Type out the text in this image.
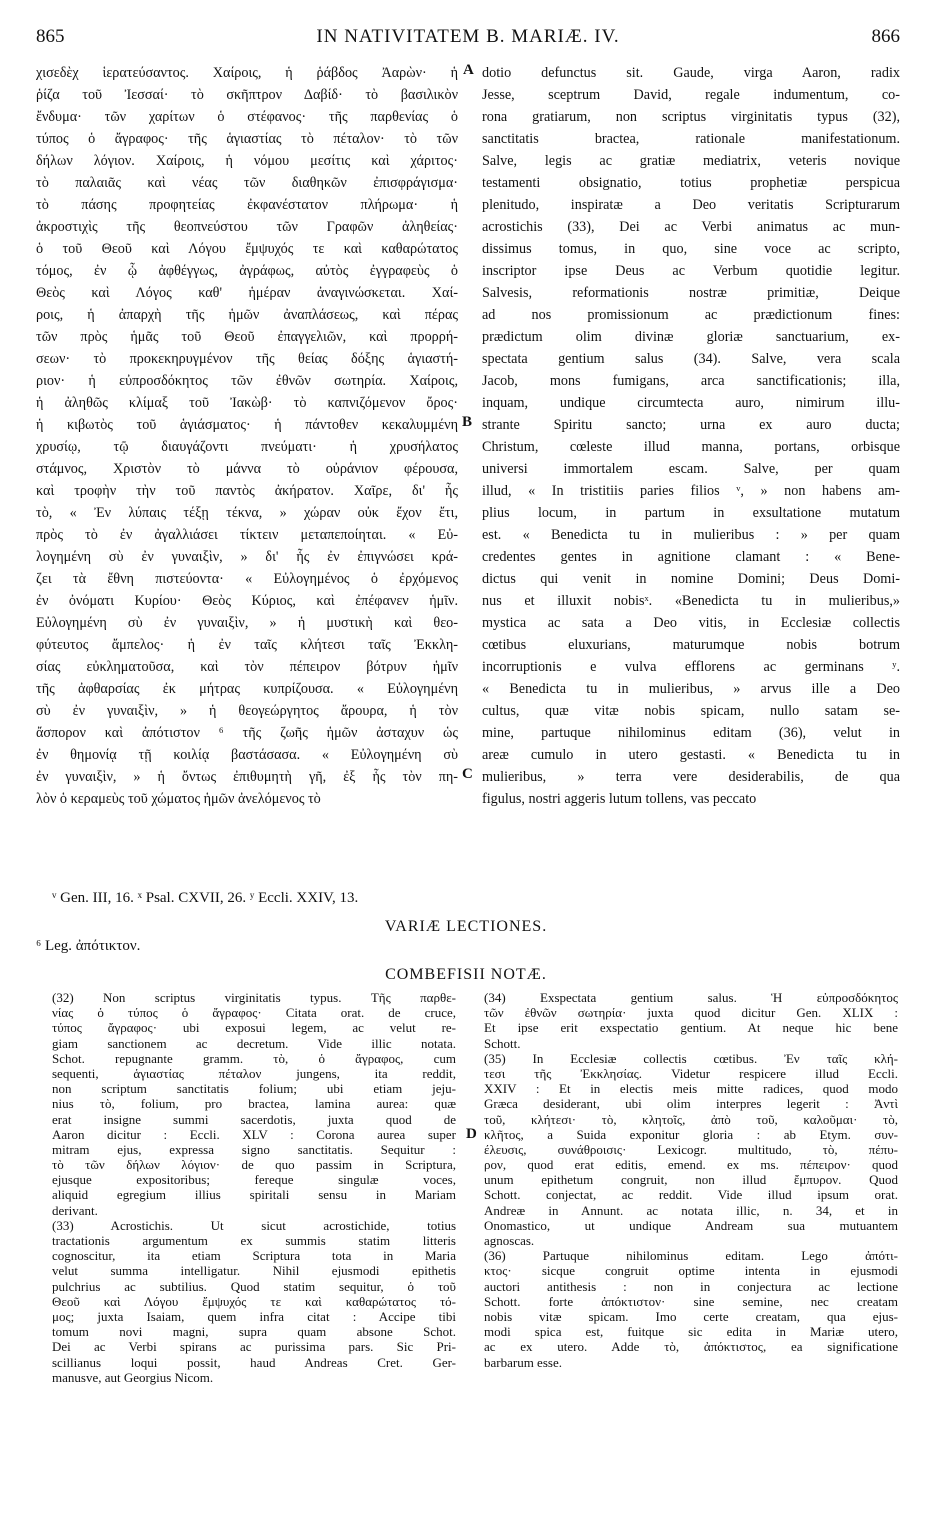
865	IN NATIVITATEM B. MARIÆ. IV.	866
χισεδὲχ ἱερατεύσαντος. Χαίροις, ἡ ῥάβδος Ἀαρὼν· ἡ
ῥίζα τοῦ Ἰεσσαί· τὸ σκῆπτρον Δαβίδ· τὸ βασιλικὸν
ἔνδυμα· τῶν χαρίτων ὁ στέφανος· τῆς παρθενίας ὁ
τύπος ὁ ἄγραφος· τῆς ἁγιαστίας τὸ πέταλον· τὸ τῶν
δήλων λόγιον. Χαίροις, ἡ νόμου μεσίτις καὶ χάριτος·
τὸ παλαιᾶς καὶ νέας τῶν διαθηκῶν ἐπισφράγισμα·
τὸ πάσης προφητείας ἐκφανέστατον πλήρωμα· ἡ
ἀκροστιχὶς τῆς θεοπνεύστου τῶν Γραφῶν ἀληθείας·
ὁ τοῦ Θεοῦ καὶ Λόγου ἔμψυχός τε καὶ καθαρώτατος
τόμος, ἐν ᾧ ἀφθέγγως, ἀγράφως, αὐτὸς ἐγγραφεὺς ὁ
Θεὸς καὶ Λόγος καθ' ἡμέραν ἀναγινώσκεται. Χαί-
ροις, ἡ ἀπαρχὴ τῆς ἡμῶν ἀναπλάσεως, καὶ πέρας
τῶν πρὸς ἡμᾶς τοῦ Θεοῦ ἐπαγγελιῶν, καὶ προρρή-
σεων· τὸ προκεκηρυγμένον τῆς θείας δόξης ἁγιαστή-
ριον· ἡ εὐπροσδόκητος τῶν ἐθνῶν σωτηρία. Χαίροις,
ἡ ἀληθῶς κλίμαξ τοῦ Ἰακὼβ· τὸ καπνιζόμενον ὄρος·
ἡ κιβωτὸς τοῦ ἁγιάσματος· ἡ πάντοθεν κεκαλυμμένη
χρυσίῳ, τῷ διαυγάζοντι πνεύματι· ἡ χρυσήλατος
στάμνος, Χριστὸν τὸ μάννα τὸ οὐράνιον φέρουσα,
καὶ τροφὴν τὴν τοῦ παντὸς ἀκήρατον. Χαῖρε, δι' ἧς
τὸ, « Ἐν λύπαις τέξῃ τέκνα, » χώραν οὐκ ἔχον ἔτι,
πρὸς τὸ ἐν ἀγαλλιάσει τίκτειν μεταπεποίηται. « Εὐ-
λογημένη σὺ ἐν γυναιξὶν, » δι' ἧς ἐν ἐπιγνώσει κρά-
ζει τὰ ἔθνη πιστεύοντα· « Εὐλογημένος ὁ ἐρχόμενος
ἐν ὀνόματι Κυρίου· Θεὸς Κύριος, καὶ ἐπέφανεν ἡμῖν.
Εὐλογημένη σὺ ἐν γυναιξὶν, » ἡ μυστικὴ καὶ θεο-
φύτευτος ἄμπελος· ἡ ἐν ταῖς κλήτεσι ταῖς Ἐκκλη-
σίας εὐκληματοῦσα, καὶ τὸν πέπειρον βότρυν ἡμῖν
τῆς ἀφθαρσίας ἐκ μήτρας κυπρίζουσα. « Εὐλογημένη
σὺ ἐν γυναιξὶν, » ἡ θεογεώργητος ἄρουρα, ἡ τὸν
ἄσπορον καὶ ἀπότιστον ⁶ τῆς ζωῆς ἡμῶν ἀσταχυν ὡς
ἐν θημονίᾳ τῇ κοιλίᾳ βαστάσασα. « Εὐλογημένη σὺ
ἐν γυναιξὶν, » ἡ ὄντως ἐπιθυμητὴ γῆ, ἐξ ἧς τὸν πη-
λὸν ὁ κεραμεὺς τοῦ χώματος ἡμῶν ἀνελόμενος τὸ
dotio defunctus sit. Gaude, virga Aaron, radix
Jesse, sceptrum David, regale indumentum, co-
rona gratiarum, non scriptus virginitatis typus (32),
sanctitatis bractea, rationale manifestationum.
Salve, legis ac gratiæ mediatrix, veteris novique
testamenti obsignatio, totius prophetiæ perspicua
plenitudo, inspiratæ a Deo veritatis Scripturarum
acrostichis (33), Dei ac Verbi animatus ac mun-
dissimus tomus, in quo, sine voce ac scripto,
inscriptor ipse Deus ac Verbum quotidie legitur.
Salvesis, reformationis nostræ primitiæ, Deique
ad nos promissionum ac prædictionum fines:
prædictum olim divinæ gloriæ sanctuarium, ex-
spectata gentium salus (34). Salve, vera scala
Jacob, mons fumigans, arca sanctificationis; illa,
inquam, undique circumtecta auro, nimirum illu-
strante Spiritu sancto; urna ex auro ducta;
Christum, cœleste illud manna, portans, orbisque
universi immortalem escam. Salve, per quam
illud, « In tristitiis paries filios ᵛ, » non habens am-
plius locum, in partum in exsultatione mutatum
est. « Benedicta tu in mulieribus : » per quam
credentes gentes in agnitione clamant : « Bene-
dictus qui venit in nomine Domini; Deus Domi-
nus et illuxit nobisˣ. «Benedicta tu in mulieribus,»
mystica ac sata a Deo vitis, in Ecclesiæ collectis
cœtibus eluxurians, maturumque nobis botrum
incorruptionis e vulva efflorens ac germinans ʸ.
« Benedicta tu in mulieribus, » arvus ille a Deo
cultus, quæ vitæ nobis spicam, nullo satam se-
mine, partuque nihilominus editam (36), velut in
areæ cumulo in utero gestasti. « Benedicta tu in
mulieribus, » terra vere desiderabilis, de qua
figulus, nostri aggeris lutum tollens, vas peccato
A
B
C
D
ᵛ Gen. III, 16. ˣ Psal. CXVII, 26. ʸ Eccli. XXIV, 13.
VARIÆ LECTIONES.
⁶ Leg. ἀπότικτον.
COMBEFISII NOTÆ.
(32) Non scriptus virginitatis typus. Τῆς παρθε-
νίας ὁ τύπος ὁ ἄγραφος· Citata orat. de cruce,
τύπος ἄγραφος· ubi exposui legem, ac velut re-
giam sanctionem ac decretum. Vide illic notata.
Schot. repugnante gramm. τὸ, ὁ ἄγραφος, cum
sequenti, ἁγιαστίας πέταλον jungens, ita reddit,
non scriptum sanctitatis folium; ubi etiam jeju-
nius τὸ, folium, pro bractea, lamina aurea: quæ
erat insigne summi sacerdotis, juxta quod de
Aaron dicitur : Eccli. XLV : Corona aurea super
mitram ejus, expressa signo sanctitatis. Sequitur :
τὸ τῶν δήλων λόγιον· de quo passim in Scriptura,
ejusque expositoribus; fereque singulæ voces,
aliquid egregium illius spiritali sensu in Mariam
derivant.
(33) Acrostichis. Ut sicut acrostichide, totius
tractationis argumentum ex summis statim litteris
cognoscitur, ita etiam Scriptura tota in Maria
velut summa intelligatur. Nihil ejusmodi epithetis
pulchrius ac subtilius. Quod statim sequitur, ὁ τοῦ
Θεοῦ καὶ Λόγου ἔμψυχός τε καὶ καθαρώτατος τό-
μος; juxta Isaiam, quem infra citat : Accipe tibi
tomum novi magni, supra quam absone Schot.
Dei ac Verbi spirans ac purissima pars. Sic Pri-
scillianus loqui possit, haud Andreas Cret. Ger-
manusve, aut Georgius Nicom.
(34) Exspectata gentium salus. Ἡ εὐπροσδόκητος
τῶν ἐθνῶν σωτηρία· juxta quod dicitur Gen. XLIX :
Et ipse erit exspectatio gentium. At neque hic bene
Schott.
(35) In Ecclesiæ collectis cœtibus. Ἐν ταῖς κλή-
τεσι τῆς Ἐκκλησίας. Videtur respicere illud Eccli.
XXIV : Et in electis meis mitte radices, quod modo
Græca desiderant, ubi olim interpres legerit : Ἀντὶ
τοῦ, κλήτεσι· τὸ, κλητοῖς, ἀπὸ τοῦ, καλοῦμαι· τὸ,
κλῆτος, a Suida exponitur gloria : ab Etym. συν-
έλευσις, συνάθροισις· Lexicogr. multitudo, τὸ, πέπυ-
ρον, quod erat editis, emend. ex ms. πέπειρον· quod
unum epithetum congruit, non illud ἔμπυρον. Quod
Schott. conjectat, ac reddit. Vide illud ipsum orat.
Andreæ in Annunt. ac notata illic, n. 34, et in
Onomastico, ut undique Andream sua mutuantem
agnoscas.
(36) Partuque nihilominus editam. Lego ἀπότι-
κτος· sicque congruit optime intenta in ejusmodi
auctori antithesis : non in conjectura ac lectione
Schott. forte ἀπόκτιστον· sine semine, nec creatam
nobis vitæ spicam. Imo certe creatam, qua ejus-
modi spica est, fuitque sic edita in Mariæ utero,
ac ex utero. Adde τὸ, ἀπόκτιστος, ea significatione
barbarum esse.
